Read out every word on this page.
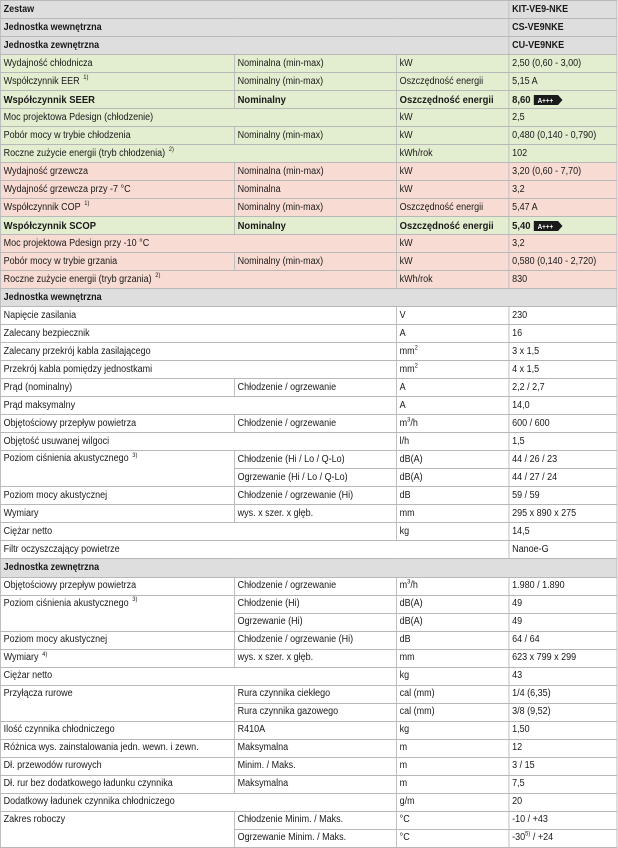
Zestaw			KIT-VE9-NKE
Jednostka wewnętrzna			CS-VE9NKE
Jednostka zewnętrzna			CU-VE9NKE
Wydajność chłodnicza	Nominalna (min-max)	kW	2,50 (0,60 - 3,00)
Współczynnik EER $^{1)}$	Nominalny (min-max)	Oszczędność energii	5,15 A
Współczynnik SEER	Nominalny	Oszczędność energii	8,60 A+++

Moc projektowa Pdesign (chłodzenie)		kW	2,5
Pobór mocy w trybie chłodzenia	Nominalny (min-max)	kW	0,480 (0,140 - 0,790)
Roczne zużycie energii (tryb chłodzenia) $^{2)}$		kWh/rok	102
Wydajność grzewcza	Nominalna (min-max)	kW	3,20 (0,60 - 7,70)
Wydajność grzewcza przy -7 °C	Nominalna	kW	3,2
Współczynnik COP $^{1)}$	Nominalny (min-max)	Oszczędność energii	5,47 A
Współczynnik SCOP	Nominalny	Oszczędność energii	5,40 A+++

Moc projektowa Pdesign przy -10 °C		kW	3,2
Pobór mocy w trybie grzania	Nominalny (min-max)	kW	0,580 (0,140 - 2,720)
Roczne zużycie energii (tryb grzania) $^{2)}$		kWh/rok	830
Jednostka wewnętrzna			
Napięcie zasilania		V	230
Zalecany bezpiecznik		A	16
Zalecany przekrój kabla zasilającego		$mm^2$	3 x 1,5
Przekrój kabla pomiędzy jednostkami		$mm^2$	4 x 1,5
Prąd (nominalny)	Chłodzenie / ogrzewanie	A	2,2 / 2,7
Prąd maksymalny		A	14,0
Objętościowy przepływ powietrza	Chłodzenie / ogrzewanie	$m^3/h$	600 / 600
Objętość usuwanej wilgoci		l/h	1,5
Poziom ciśnienia akustycznego $^{3)}$	Chłodzenie (Hi / Lo / Q-Lo)	dB(A)	44 / 26 / 23
	Ogrzewanie (Hi / Lo / Q-Lo)	dB(A)	44 / 27 / 24
Poziom mocy akustycznej	Chłodzenie / ogrzewanie (Hi)	dB	59 / 59
Wymiary	wys. x szer. x głęb.	mm	295 x 890 x 275
Ciężar netto		kg	14,5
Filtr oczyszczający powietrze			Nanoe-G
Jednostka zewnętrzna			
Objętościowy przepływ powietrza	Chłodzenie / ogrzewanie	$m^3/h$	1.980 / 1.890
Poziom ciśnienia akustycznego $^{3)}$	Chłodzenie (Hi)	dB(A)	49
	Ogrzewanie (Hi)	dB(A)	49
Poziom mocy akustycznej	Chłodzenie / ogrzewanie (Hi)	dB	64 / 64
Wymiary $^{4)}$	wys. x szer. x głęb.	mm	623 x 799 x 299
Ciężar netto		kg	43
Przyłącza rurowe	Rura czynnika ciekłego	cal (mm)	1/4 (6,35)
	Rura czynnika gazowego	cal (mm)	3/8 (9,52)
Ilość czynnika chłodniczego	R410A	kg	1,50
Różnica wys. zainstalowania jedn. wewn. i zewn.	Maksymalna	m	12
Dł. przewodów rurowych	Minim. / Maks.	m	3 / 15
Dł. rur bez dodatkowego ładunku czynnika	Maksymalna	m	7,5
Dodatkowy ładunek czynnika chłodniczego		g/m	20
Zakres roboczy	Chłodzenie Minim. / Maks.	°C	-10 / +43
	Ogrzewanie Minim. / Maks.	°C	-30$^{5)}$ / +24
